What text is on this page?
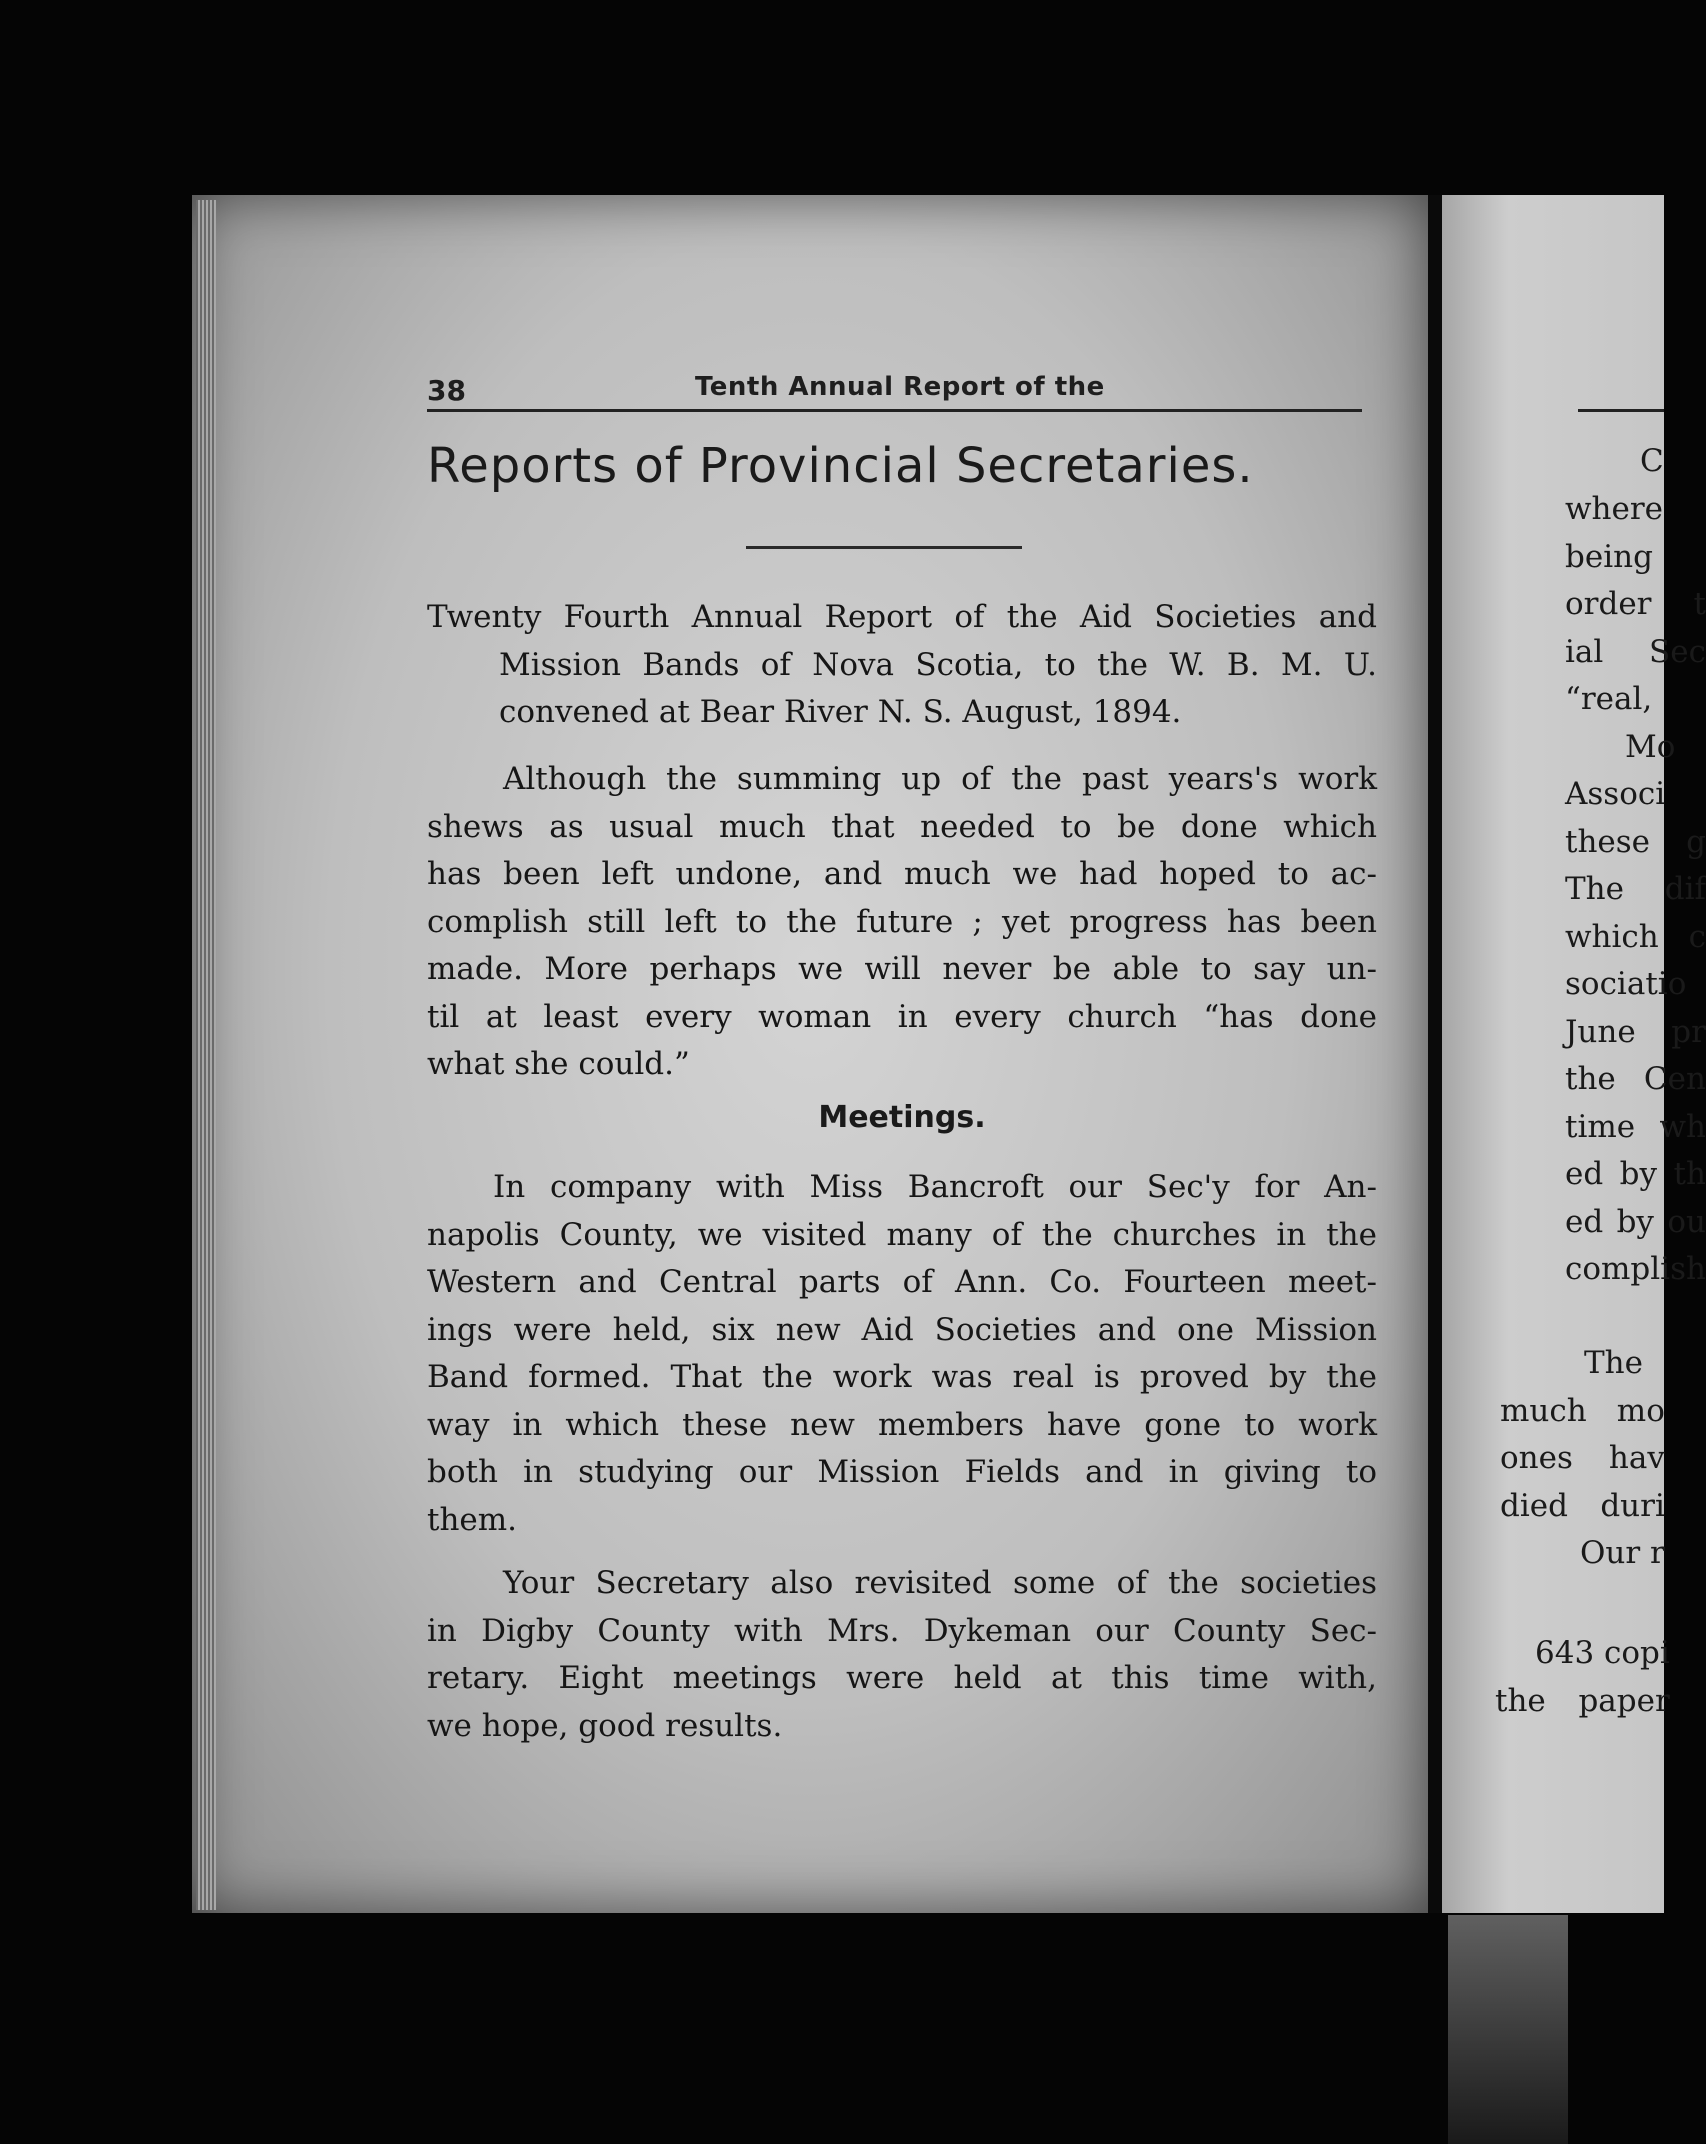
38	Tenth Annual Report of the
Reports of Provincial Secretaries.
Twenty Fourth Annual Report of the Aid Societies and
Mission Bands of Nova Scotia, to the W. B. M. U.
convened at Bear River N. S. August, 1894.
Although the summing up of the past years's work
shews as usual much that needed to be done which
has been left undone, and much we had hoped to ac-
complish still left to the future ; yet progress has been
made. More perhaps we will never be able to say un-
til at least every woman in every church “has done
what she could.”
Meetings.
In company with Miss Bancroft our Sec'y for An-
napolis County, we visited many of the churches in the
Western and Central parts of Ann. Co. Fourteen meet-
ings were held, six new Aid Societies and one Mission
Band formed. That the work was real is proved by the
way in which these new members have gone to work
both in studying our Mission Fields and in giving to
them.
Your Secretary also revisited some of the societies
in Digby County with Mrs. Dykeman our County Sec-
retary. Eight meetings were held at this time with,
we hope, good results.
C
where
being
order t
ial Sec
“real,
Mo
Associ
these g
The dif
which c
sociatio
June pr
the Cen
time wh
ed by th
ed by ou
complish
The
much mo
ones hav
died duri
Our r
643 copi
the paper
